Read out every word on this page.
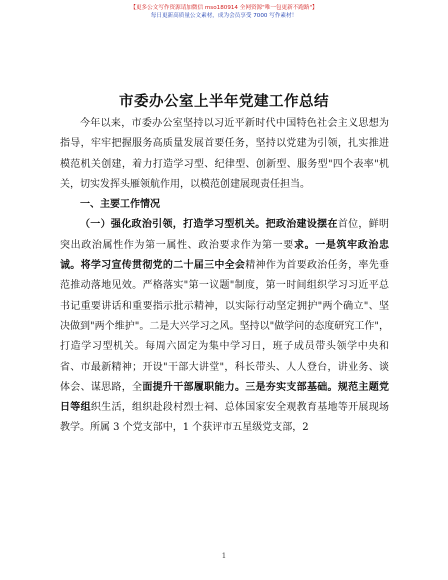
【更多公文写作资源请加微信 mso180914 全网资源"唯一包更新不跑路"】
每日更新高质量公文素材，成为会员享受 7000 写作素材！
市委办公室上半年党建工作总结

今年以来，市委办公室坚持以习近平新时代中国特色社会主义思想为指导，牢牢把握服务高质量发展首要任务，坚持以党建为引领，扎实推进模范机关创建，着力打造学习型、纪律型、创新型、服务型"四个表率"机关，切实发挥头雁领航作用，以模范创建展现责任担当。

一、主要工作情况

（一）强化政治引领，打造学习型机关。把政治建设摆在首位，鲜明突出政治属性作为第一属性、政治要求作为第一要求。一是筑牢政治忠诚。将学习宣传贯彻党的二十届三中全会精神作为首要政治任务，率先垂范推动落地见效。严格落实"第一议题"制度，第一时间组织学习习近平总书记重要讲话和重要指示批示精神，以实际行动坚定拥护"两个确立"、坚决做到"两个维护"。二是大兴学习之风。坚持以"做学问的态度研究工作"，打造学习型机关。每周六固定为集中学习日，班子成员带头领学中央和省、市最新精神；开设"干部大讲堂"，科长带头、人人登台，讲业务、谈体会、谋思路，全面提升干部履职能力。三是夯实支部基础。规范主题党日等组织生活，组织赴段村烈士祠、总体国家安全观教育基地等开展现场教学。所属 3 个党支部中，1 个获评市五星级党支部，2

1
